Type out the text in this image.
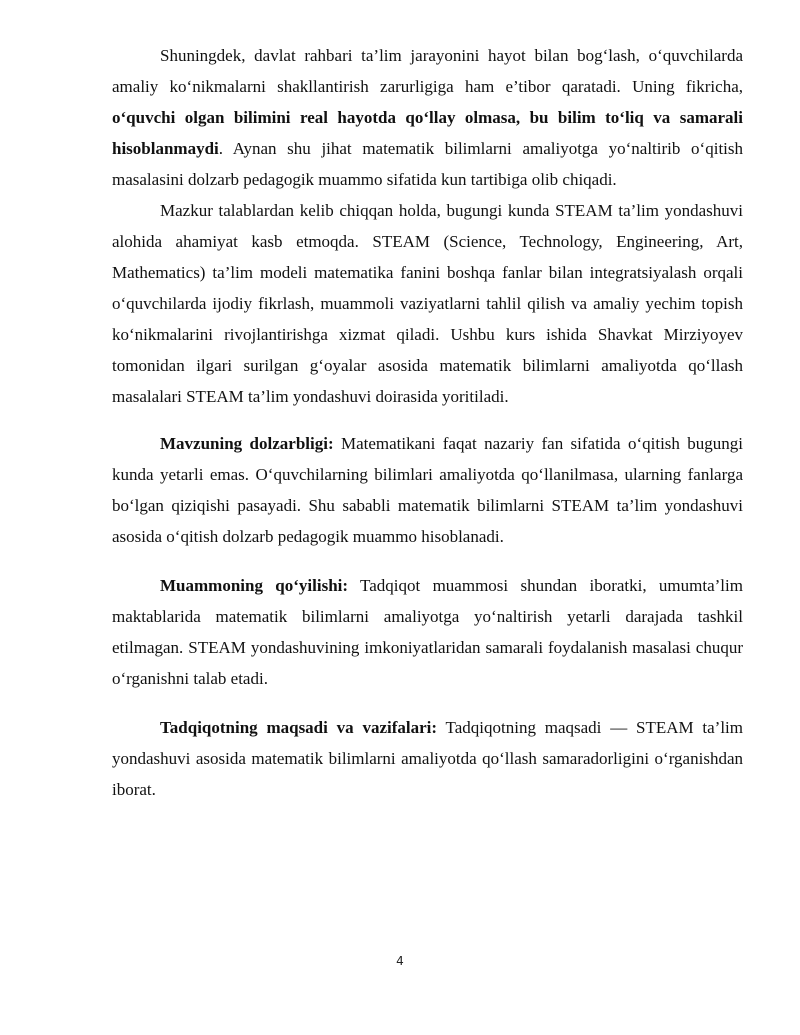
Shuningdek, davlat rahbari ta’lim jarayonini hayot bilan bog‘lash, o‘quvchilarda amaliy ko‘nikmalarni shakllantirish zarurligiga ham e’tibor qaratadi. Uning fikricha, o‘quvchi olgan bilimini real hayotda qo‘llay olmasa, bu bilim to‘liq va samarali hisoblanmaydi. Aynan shu jihat matematik bilimlarni amaliyotga yo‘naltirib o‘qitish masalasini dolzarb pedagogik muammo sifatida kun tartibiga olib chiqadi.

Mazkur talablardan kelib chiqqan holda, bugungi kunda STEAM ta’lim yondashuvi alohida ahamiyat kasb etmoqda. STEAM (Science, Technology, Engineering, Art, Mathematics) ta’lim modeli matematika fanini boshqa fanlar bilan integratsiyalash orqali o‘quvchilarda ijodiy fikrlash, muammoli vaziyatlarni tahlil qilish va amaliy yechim topish ko‘nikmalarini rivojlantirishga xizmat qiladi. Ushbu kurs ishida Shavkat Mirziyoyev tomonidan ilgari surilgan g‘oyalar asosida matematik bilimlarni amaliyotda qo‘llash masalalari STEAM ta’lim yondashuvi doirasida yoritiladi.

Mavzuning dolzarbligi: Matematikani faqat nazariy fan sifatida o‘qitish bugungi kunda yetarli emas. O‘quvchilarning bilimlari amaliyotda qo‘llanilmasa, ularning fanlarga bo‘lgan qiziqishi pasayadi. Shu sababli matematik bilimlarni STEAM ta’lim yondashuvi asosida o‘qitish dolzarb pedagogik muammo hisoblanadi.

Muammoning qo‘yilishi: Tadqiqot muammosi shundan iboratki, umumta’lim maktablarida matematik bilimlarni amaliyotga yo‘naltirish yetarli darajada tashkil etilmagan. STEAM yondashuvining imkoniyatlaridan samarali foydalanish masalasi chuqur o‘rganishni talab etadi.

Tadqiqotning maqsadi va vazifalari: Tadqiqotning maqsadi — STEAM ta’lim yondashuvi asosida matematik bilimlarni amaliyotda qo‘llash samaradorligini o‘rganishdan iborat.

4
